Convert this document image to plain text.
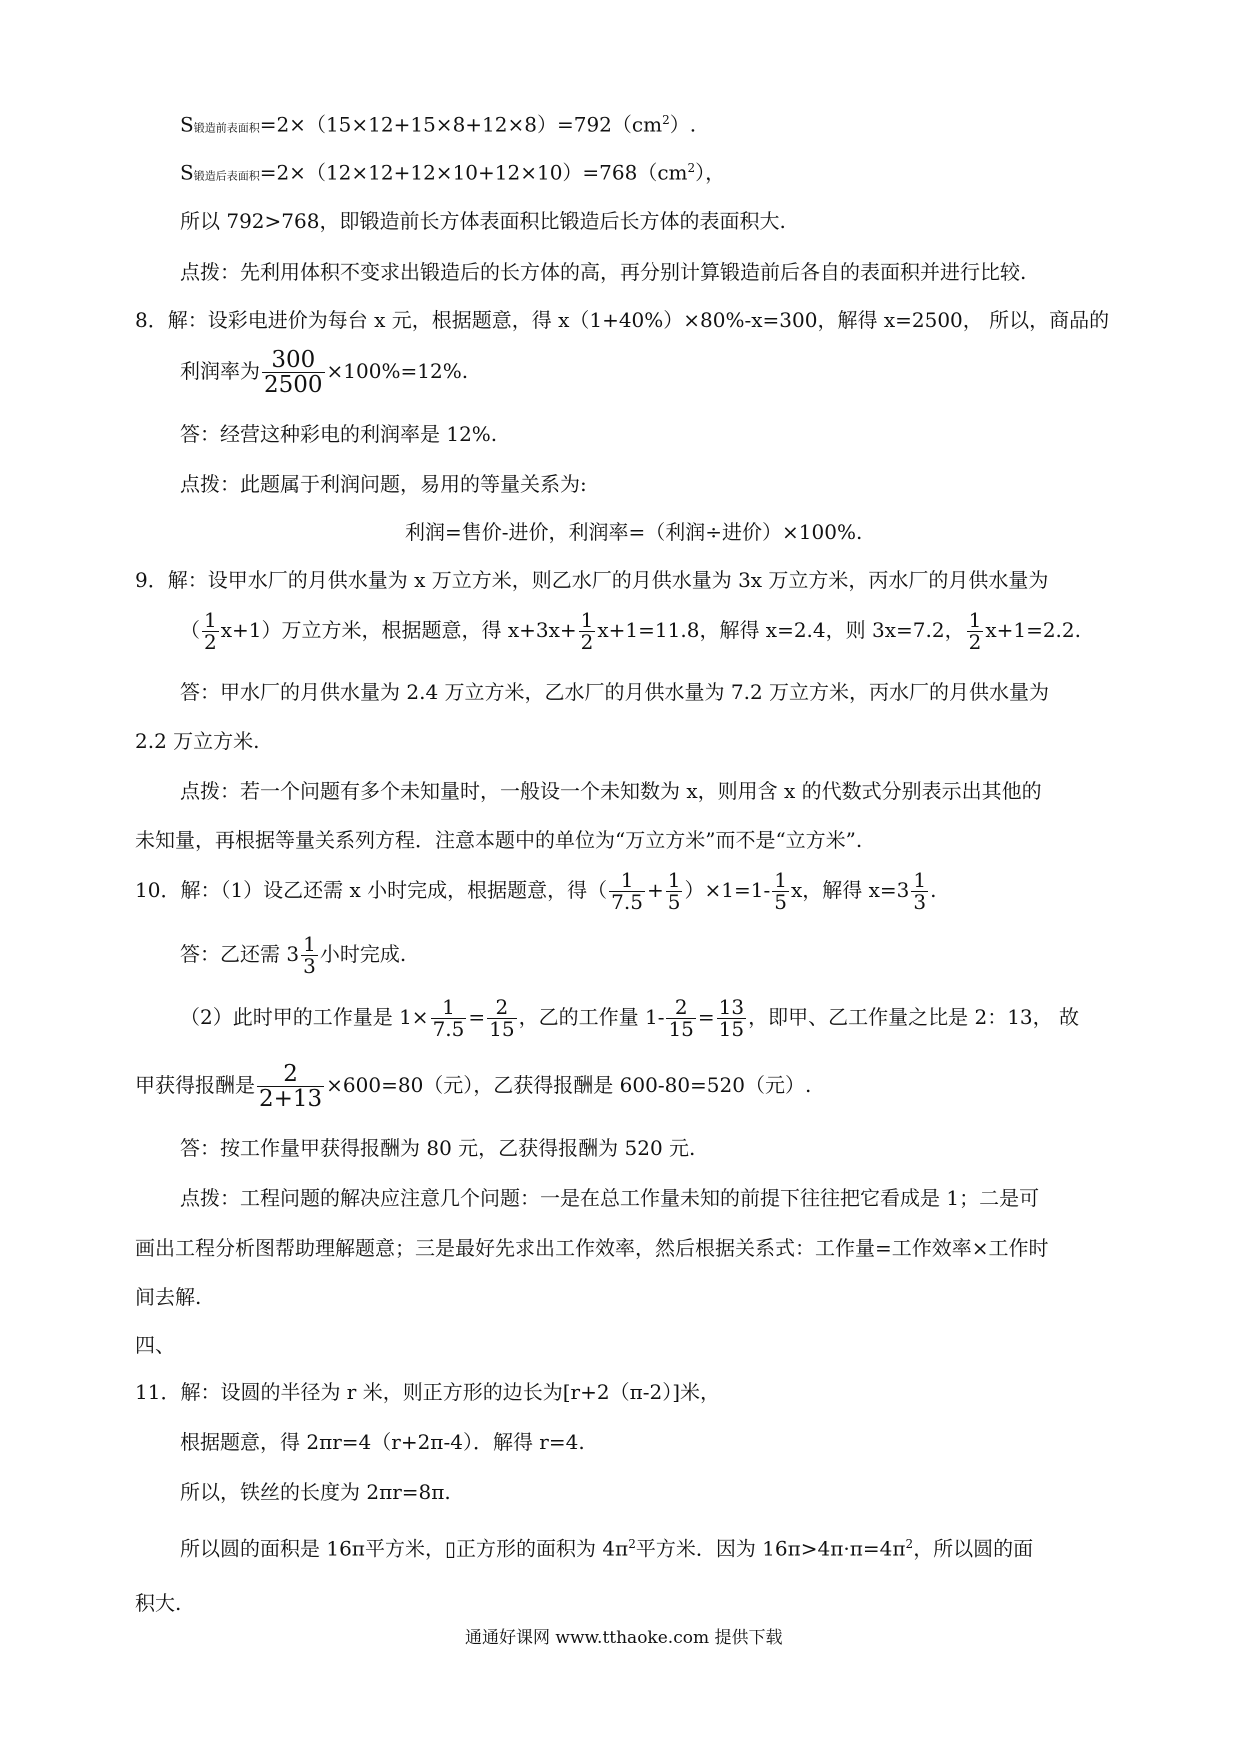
S锻造前表面积$=2\times(15\times 12+15\times 8+12\times 8)=792(cm^2)$.
S锻造后表面积$=2\times(12\times 12+12\times 10+12\times 10)=768(cm^2)$，
所以 792>768，即锻造前长方体表面积比锻造后长方体的表面积大.
点拨：先利用体积不变求出锻造后的长方体的高，再分别计算锻造前后各自的表面积并进行比较.
8．解：设彩电进价为每台 x 元，根据题意，得 x（1+40%）×80%-x=300，解得 x=2500， 所以，商品的
利润率为 $\frac{300}{2500} \times 100\%=12\%$.
答：经营这种彩电的利润率是 12%.
点拨：此题属于利润问题，易用的等量关系为:
利润=售价-进价，利润率=（利润÷进价）×100%.
9．解：设甲水厂的月供水量为 x 万立方米，则乙水厂的月供水量为 3x 万立方米，丙水厂的月供水量为
（ $\frac{1}{2} x+1$）万立方米，根据题意，得 $x+3x+ \frac{1}{2} x+1=11.8$，解得 x=2.4，则 3x=7.2， $\frac{1}{2} x+1=2.2$.
答：甲水厂的月供水量为 2.4 万立方米，乙水厂的月供水量为 7.2 万立方米，丙水厂的月供水量为
2.2 万立方米.
点拨：若一个问题有多个未知量时，一般设一个未知数为 x，则用含 x 的代数式分别表示出其他的
未知量，再根据等量关系列方程．注意本题中的单位为“万立方米”而不是“立方米”.
10．解：（1）设乙还需 x 小时完成，根据题意，得（ $\frac{1}{7.5} + \frac{1}{5} )\times 1=1- \frac{1}{5}$ x，解得 $x=3 \frac{1}{3}$ .
答：乙还需 $3 \frac{1}{3}$ 小时完成.
（2）此时甲的工作量是 $1\times \frac{1}{7.5} = \frac{2}{15}$ ，乙的工作量 $1- \frac{2}{15} = \frac{13}{15}$ ，即甲、乙工作量之比是 2：13， 故
甲获得报酬是 $\frac{2}{2+13} \times 600=80$（元），乙获得报酬是 600-80=520（元）.
答：按工作量甲获得报酬为 80 元，乙获得报酬为 520 元.
点拨：工程问题的解决应注意几个问题：一是在总工作量未知的前提下往往把它看成是 1；二是可
画出工程分析图帮助理解题意；三是最好先求出工作效率，然后根据关系式：工作量=工作效率×工作时
间去解.
四、
11．解：设圆的半径为 r 米，则正方形的边长为[r+2（π-2）]米，
根据题意，得 2πr=4（r+2π-4）．解得 r=4.
所以，铁丝的长度为 2πr=8π.
所以圆的面积是 16π平方米，▯正方形的面积为 $4\pi^2$平方米．因为 $16\pi>4\pi\cdot\pi=4\pi^2$，所以圆的面
积大.
通通好课网 www.tthaoke.com 提供下载
